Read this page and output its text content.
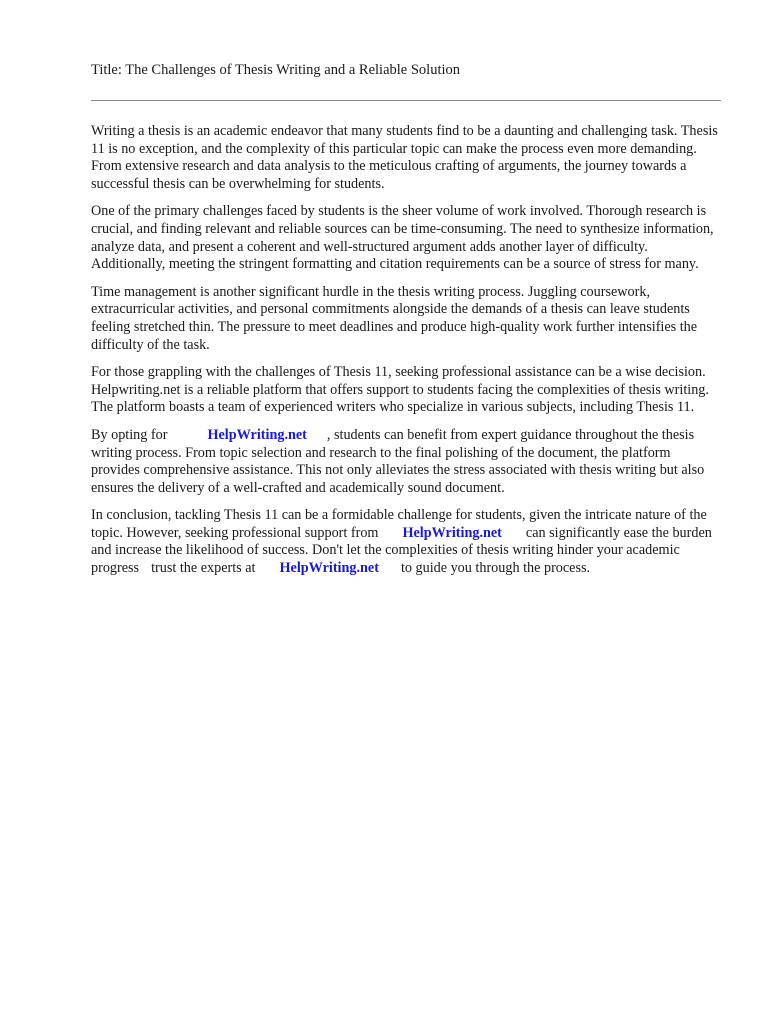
Title: The Challenges of Thesis Writing and a Reliable Solution

Writing a thesis is an academic endeavor that many students find to be a daunting and challenging task. Thesis 11 is no exception, and the complexity of this particular topic can make the process even more demanding. From extensive research and data analysis to the meticulous crafting of arguments, the journey towards a successful thesis can be overwhelming for students.

One of the primary challenges faced by students is the sheer volume of work involved. Thorough research is crucial, and finding relevant and reliable sources can be time-consuming. The need to synthesize information, analyze data, and present a coherent and well-structured argument adds another layer of difficulty. Additionally, meeting the stringent formatting and citation requirements can be a source of stress for many.

Time management is another significant hurdle in the thesis writing process. Juggling coursework, extracurricular activities, and personal commitments alongside the demands of a thesis can leave students feeling stretched thin. The pressure to meet deadlines and produce high-quality work further intensifies the difficulty of the task.

For those grappling with the challenges of Thesis 11, seeking professional assistance can be a wise decision. Helpwriting.net is a reliable platform that offers support to students facing the complexities of thesis writing. The platform boasts a team of experienced writers who specialize in various subjects, including Thesis 11.

By opting for	HelpWriting.net , students can benefit from expert guidance throughout the thesis writing process. From topic selection and research to the final polishing of the document, the platform provides comprehensive assistance. This not only alleviates the stress associated with thesis writing but also ensures the delivery of a well-crafted and academically sound document.

In conclusion, tackling Thesis 11 can be a formidable challenge for students, given the intricate nature of the topic. However, seeking professional support from HelpWriting.net can significantly ease the burden and increase the likelihood of success. Don't let the complexities of thesis writing hinder your academic progress trust the experts at HelpWriting.net to guide you through the process.
